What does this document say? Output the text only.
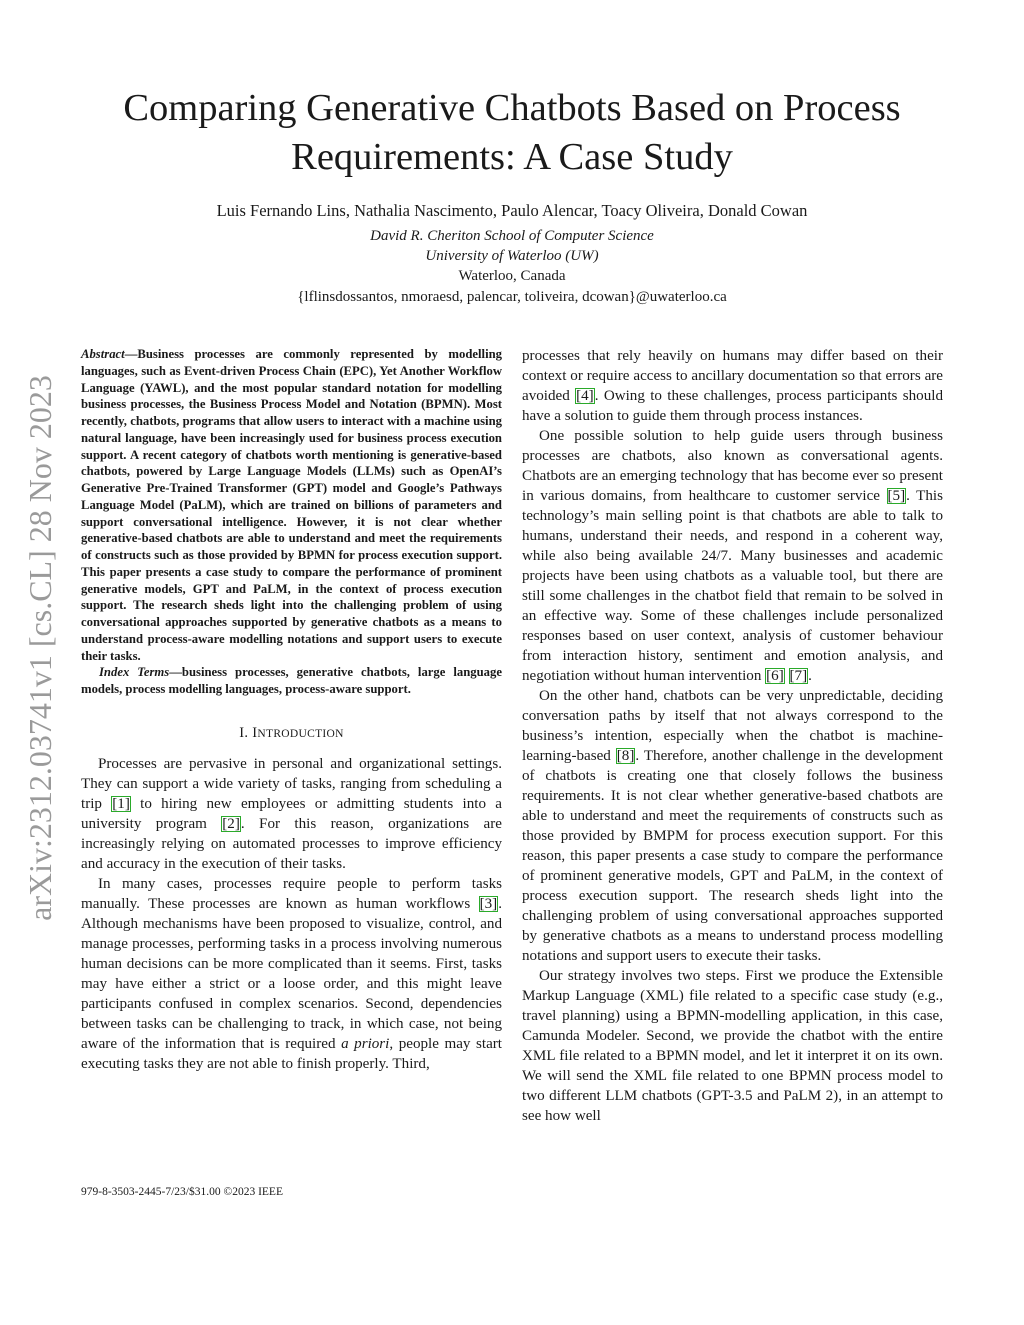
Comparing Generative Chatbots Based on Process
Requirements: A Case Study
Luis Fernando Lins, Nathalia Nascimento, Paulo Alencar, Toacy Oliveira, Donald Cowan
David R. Cheriton School of Computer Science
University of Waterloo (UW)
Waterloo, Canada
{lflinsdossantos, nmoraesd, palencar, toliveira, dcowan}@uwaterloo.ca
arXiv:2312.03741v1 [cs.CL] 28 Nov 2023

Abstract—Business processes are commonly represented by modelling languages, such as Event-driven Process Chain (EPC), Yet Another Workflow Language (YAWL), and the most popular standard notation for modelling business processes, the Business Process Model and Notation (BPMN). Most recently, chatbots, programs that allow users to interact with a machine using natural language, have been increasingly used for business process execution support. A recent category of chatbots worth mentioning is generative-based chatbots, powered by Large Language Models (LLMs) such as OpenAI’s Generative Pre-Trained Transformer (GPT) model and Google’s Pathways Language Model (PaLM), which are trained on billions of parameters and support conversational intelligence. However, it is not clear whether generative-based chatbots are able to understand and meet the requirements of constructs such as those provided by BPMN for process execution support. This paper presents a case study to compare the performance of prominent generative models, GPT and PaLM, in the context of process execution support. The research sheds light into the challenging problem of using conversational approaches supported by generative chatbots as a means to understand process-aware modelling notations and support users to execute their tasks.

Index Terms—business processes, generative chatbots, large language models, process modelling languages, process-aware support.

I. INTRODUCTION

Processes are pervasive in personal and organizational settings. They can support a wide variety of tasks, ranging from scheduling a trip [1] to hiring new employees or admitting students into a university program [2]. For this reason, organizations are increasingly relying on automated processes to improve efficiency and accuracy in the execution of their tasks.

In many cases, processes require people to perform tasks manually. These processes are known as human workflows [3]. Although mechanisms have been proposed to visualize, control, and manage processes, performing tasks in a process involving numerous human decisions can be more complicated than it seems. First, tasks may have either a strict or a loose order, and this might leave participants confused in complex scenarios. Second, dependencies between tasks can be challenging to track, in which case, not being aware of the information that is required a priori, people may start executing tasks they are not able to finish properly. Third,

processes that rely heavily on humans may differ based on their context or require access to ancillary documentation so that errors are avoided [4]. Owing to these challenges, process participants should have a solution to guide them through process instances.

One possible solution to help guide users through business processes are chatbots, also known as conversational agents. Chatbots are an emerging technology that has become ever so present in various domains, from healthcare to customer service [5]. This technology’s main selling point is that chatbots are able to talk to humans, understand their needs, and respond in a coherent way, while also being available 24/7. Many businesses and academic projects have been using chatbots as a valuable tool, but there are still some challenges in the chatbot field that remain to be solved in an effective way. Some of these challenges include personalized responses based on user context, analysis of customer behaviour from interaction history, sentiment and emotion analysis, and negotiation without human intervention [6] [7].

On the other hand, chatbots can be very unpredictable, deciding conversation paths by itself that not always correspond to the business’s intention, especially when the chatbot is machine-learning-based [8]. Therefore, another challenge in the development of chatbots is creating one that closely follows the business requirements. It is not clear whether generative-based chatbots are able to understand and meet the requirements of constructs such as those provided by BMPM for process execution support. For this reason, this paper presents a case study to compare the performance of prominent generative models, GPT and PaLM, in the context of process execution support. The research sheds light into the challenging problem of using conversational approaches supported by generative chatbots as a means to understand process modelling notations and support users to execute their tasks.

Our strategy involves two steps. First we produce the Extensible Markup Language (XML) file related to a specific case study (e.g., travel planning) using a BPMN-modelling application, in this case, Camunda Modeler. Second, we provide the chatbot with the entire XML file related to a BPMN model, and let it interpret it on its own. We will send the XML file related to one BPMN process model to two different LLM chatbots (GPT-3.5 and PaLM 2), in an attempt to see how well

979-8-3503-2445-7/23/$31.00 ©2023 IEEE
